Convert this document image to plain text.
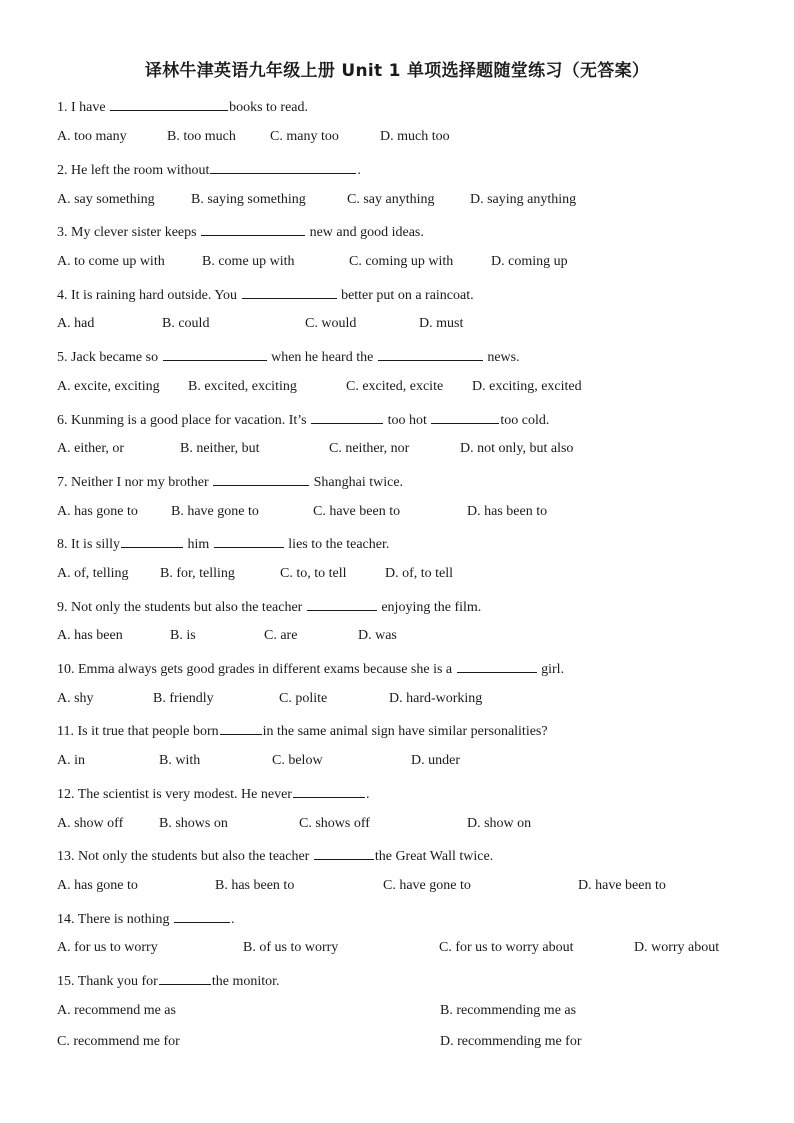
译林牛津英语九年级上册 Unit 1 单项选择题随堂练习（无答案）
1. I have	books to read.
A. too many	B. too much C. many too	D. much too
2. He left the room without	.
A. say something	B. saying something	C. say anything	D. saying anything
3. My clever sister keeps	new and good ideas.
A. to come up with	B. come up with	C. coming up with	D. coming up
4. It is raining hard outside. You	better put on a raincoat.
A. had	B. could	C. would	D. must
5. Jack became so	when he heard the	news.
A. excite, exciting B. excited, exciting	C. excited, excite D. exciting, excited
6. Kunming is a good place for vacation. It’s	too hot	too cold.
A. either, or	B. neither, but	C. neither, nor	D. not only, but also
7. Neither I nor my brother	Shanghai twice.
A. has gone to B. have gone to	C. have been to	D. has been to
8. It is silly	him	lies to the teacher.
A. of, telling B. for, telling	C. to, to tell	D. of, to tell
9. Not only the students but also the teacher	enjoying the film.
A. has been	B. is	C. are	D. was
10. Emma always gets good grades in different exams because she is a	girl.
A. shy	B. friendly	C. polite	D. hard-working
11. Is it true that people born	in the same animal sign have similar personalities?
A. in	B. with	C. below	D. under
12. The scientist is very modest. He never	.
A. show off	B. shows on	C. shows off	D. show on
13. Not only the students but also the teacher	the Great Wall twice.
A. has gone to	B. has been to	C. have gone to	D. have been to
14. There is nothing	.
A. for us to worry	B. of us to worry	C. for us to worry about	D. worry about
15. Thank you for	the monitor.
A. recommend me as	B. recommending me as
C. recommend me for	D. recommending me for
